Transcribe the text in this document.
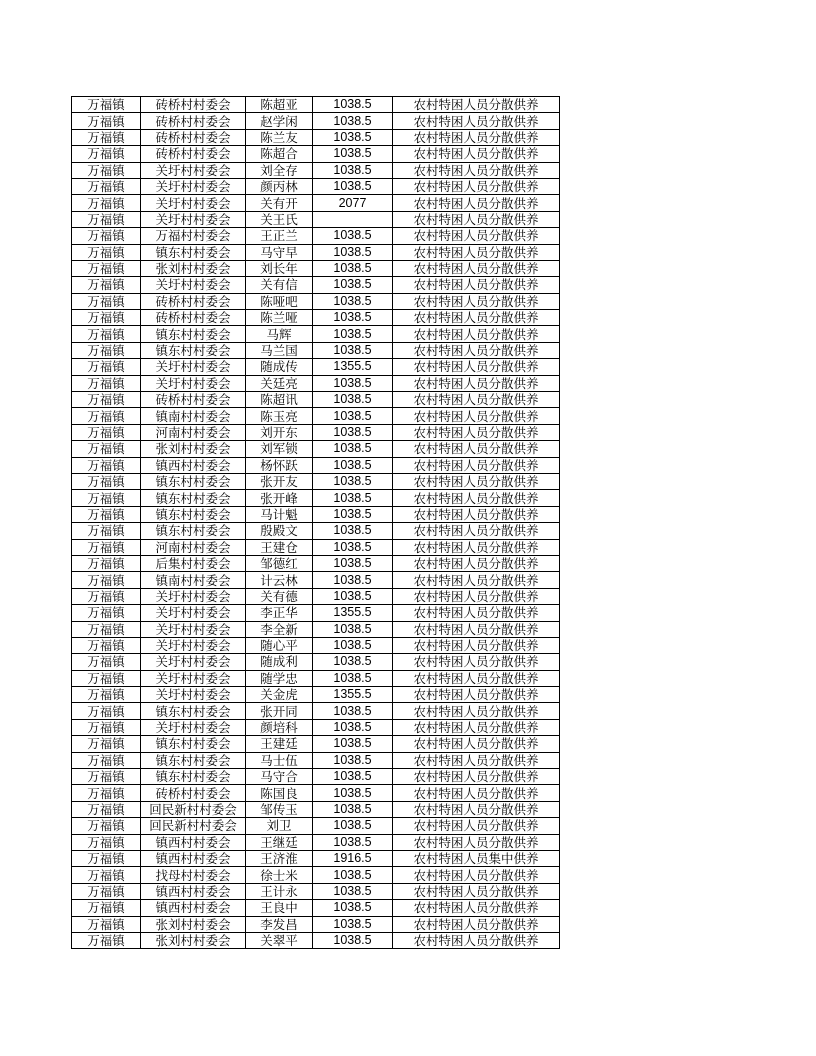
万福镇	砖桥村村委会	陈超亚	1038.5	农村特困人员分散供养
万福镇	砖桥村村委会	赵学闲	1038.5	农村特困人员分散供养
万福镇	砖桥村村委会	陈兰友	1038.5	农村特困人员分散供养
万福镇	砖桥村村委会	陈超合	1038.5	农村特困人员分散供养
万福镇	关圩村村委会	刘全存	1038.5	农村特困人员分散供养
万福镇	关圩村村委会	颜丙林	1038.5	农村特困人员分散供养
万福镇	关圩村村委会	关有开	2077	农村特困人员分散供养
万福镇	关圩村村委会	关王氏		农村特困人员分散供养
万福镇	万福村村委会	王正兰	1038.5	农村特困人员分散供养
万福镇	镇东村村委会	马守早	1038.5	农村特困人员分散供养
万福镇	张刘村村委会	刘长年	1038.5	农村特困人员分散供养
万福镇	关圩村村委会	关有信	1038.5	农村特困人员分散供养
万福镇	砖桥村村委会	陈哑吧	1038.5	农村特困人员分散供养
万福镇	砖桥村村委会	陈兰哑	1038.5	农村特困人员分散供养
万福镇	镇东村村委会	马辉	1038.5	农村特困人员分散供养
万福镇	镇东村村委会	马兰国	1038.5	农村特困人员分散供养
万福镇	关圩村村委会	随成传	1355.5	农村特困人员分散供养
万福镇	关圩村村委会	关廷亮	1038.5	农村特困人员分散供养
万福镇	砖桥村村委会	陈超讯	1038.5	农村特困人员分散供养
万福镇	镇南村村委会	陈玉亮	1038.5	农村特困人员分散供养
万福镇	河南村村委会	刘开东	1038.5	农村特困人员分散供养
万福镇	张刘村村委会	刘军锁	1038.5	农村特困人员分散供养
万福镇	镇西村村委会	杨怀跃	1038.5	农村特困人员分散供养
万福镇	镇东村村委会	张开友	1038.5	农村特困人员分散供养
万福镇	镇东村村委会	张开峰	1038.5	农村特困人员分散供养
万福镇	镇东村村委会	马计魁	1038.5	农村特困人员分散供养
万福镇	镇东村村委会	殷殿文	1038.5	农村特困人员分散供养
万福镇	河南村村委会	王建仓	1038.5	农村特困人员分散供养
万福镇	后集村村委会	邹德红	1038.5	农村特困人员分散供养
万福镇	镇南村村委会	计云林	1038.5	农村特困人员分散供养
万福镇	关圩村村委会	关有德	1038.5	农村特困人员分散供养
万福镇	关圩村村委会	李正华	1355.5	农村特困人员分散供养
万福镇	关圩村村委会	李全新	1038.5	农村特困人员分散供养
万福镇	关圩村村委会	随心平	1038.5	农村特困人员分散供养
万福镇	关圩村村委会	随成利	1038.5	农村特困人员分散供养
万福镇	关圩村村委会	随学忠	1038.5	农村特困人员分散供养
万福镇	关圩村村委会	关金虎	1355.5	农村特困人员分散供养
万福镇	镇东村村委会	张开同	1038.5	农村特困人员分散供养
万福镇	关圩村村委会	颜培科	1038.5	农村特困人员分散供养
万福镇	镇东村村委会	王建廷	1038.5	农村特困人员分散供养
万福镇	镇东村村委会	马士伍	1038.5	农村特困人员分散供养
万福镇	镇东村村委会	马守合	1038.5	农村特困人员分散供养
万福镇	砖桥村村委会	陈国良	1038.5	农村特困人员分散供养
万福镇	回民新村村委会	邹传玉	1038.5	农村特困人员分散供养
万福镇	回民新村村委会	刘卫	1038.5	农村特困人员分散供养
万福镇	镇西村村委会	王继廷	1038.5	农村特困人员分散供养
万福镇	镇西村村委会	王济淮	1916.5	农村特困人员集中供养
万福镇	找母村村委会	徐士米	1038.5	农村特困人员分散供养
万福镇	镇西村村委会	王计永	1038.5	农村特困人员分散供养
万福镇	镇西村村委会	王良中	1038.5	农村特困人员分散供养
万福镇	张刘村村委会	李发昌	1038.5	农村特困人员分散供养
万福镇	张刘村村委会	关翠平	1038.5	农村特困人员分散供养
